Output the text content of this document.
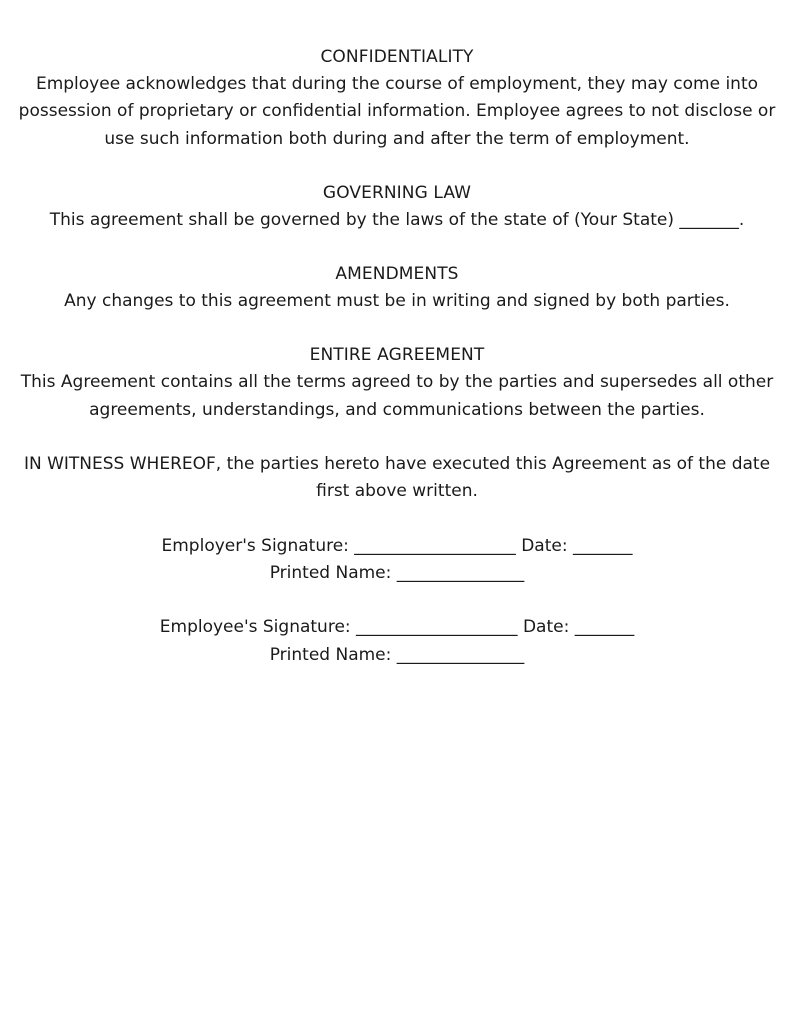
CONFIDENTIALITY

Employee acknowledges that during the course of employment, they may come into possession of proprietary or confidential information. Employee agrees to not disclose or use such information both during and after the term of employment.

GOVERNING LAW

This agreement shall be governed by the laws of the state of (Your State) _______.

AMENDMENTS

Any changes to this agreement must be in writing and signed by both parties.

ENTIRE AGREEMENT

This Agreement contains all the terms agreed to by the parties and supersedes all other agreements, understandings, and communications between the parties.

IN WITNESS WHEREOF, the parties hereto have executed this Agreement as of the date first above written.

Employer's Signature: ___________________ Date: _______

Printed Name: _______________

Employee's Signature: ___________________ Date: _______

Printed Name: _______________
